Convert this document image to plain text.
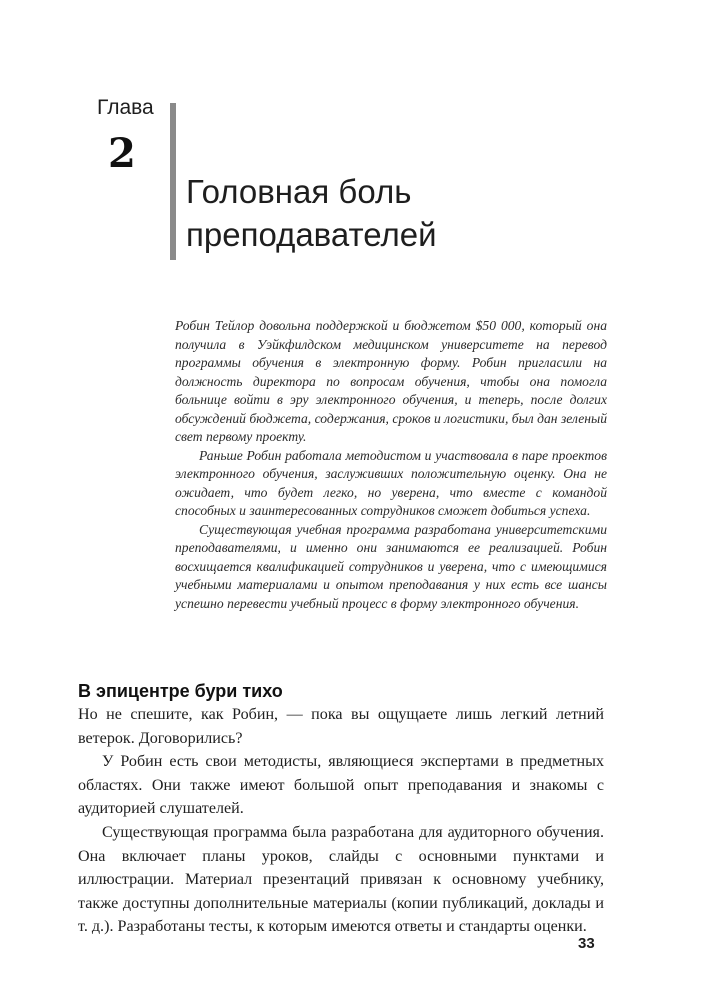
Глава
2
Головная боль
преподавателей

Робин Тейлор довольна поддержкой и бюджетом $50 000, который она получила в Уэйкфилдском медицинском университете на перевод программы обучения в электронную форму. Робин пригласили на должность директора по вопросам обучения, чтобы она помогла больнице войти в эру электронного обучения, и теперь, после долгих обсуждений бюджета, содержания, сроков и логистики, был дан зеленый свет первому проекту.

Раньше Робин работала методистом и участвовала в паре проектов электронного обучения, заслуживших положительную оценку. Она не ожидает, что будет легко, но уверена, что вместе с командой способных и заинтересованных сотрудников сможет добиться успеха.

Существующая учебная программа разработана университетскими преподавателями, и именно они занимаются ее реализацией. Робин восхищается квалификацией сотрудников и уверена, что с имеющимися учебными материалами и опытом преподавания у них есть все шансы успешно перевести учебный процесс в форму электронного обучения.

В эпицентре бури тихо

Но не спешите, как Робин, — пока вы ощущаете лишь легкий летний ветерок. Договорились?

У Робин есть свои методисты, являющиеся экспертами в предметных областях. Они также имеют большой опыт преподавания и знакомы с аудиторией слушателей.

Существующая программа была разработана для аудиторного обучения. Она включает планы уроков, слайды с основными пунктами и иллюстрации. Материал презентаций привязан к основному учебнику, также доступны дополнительные материалы (копии публикаций, доклады и т. д.). Разработаны тесты, к которым имеются ответы и стандарты оценки.

33
